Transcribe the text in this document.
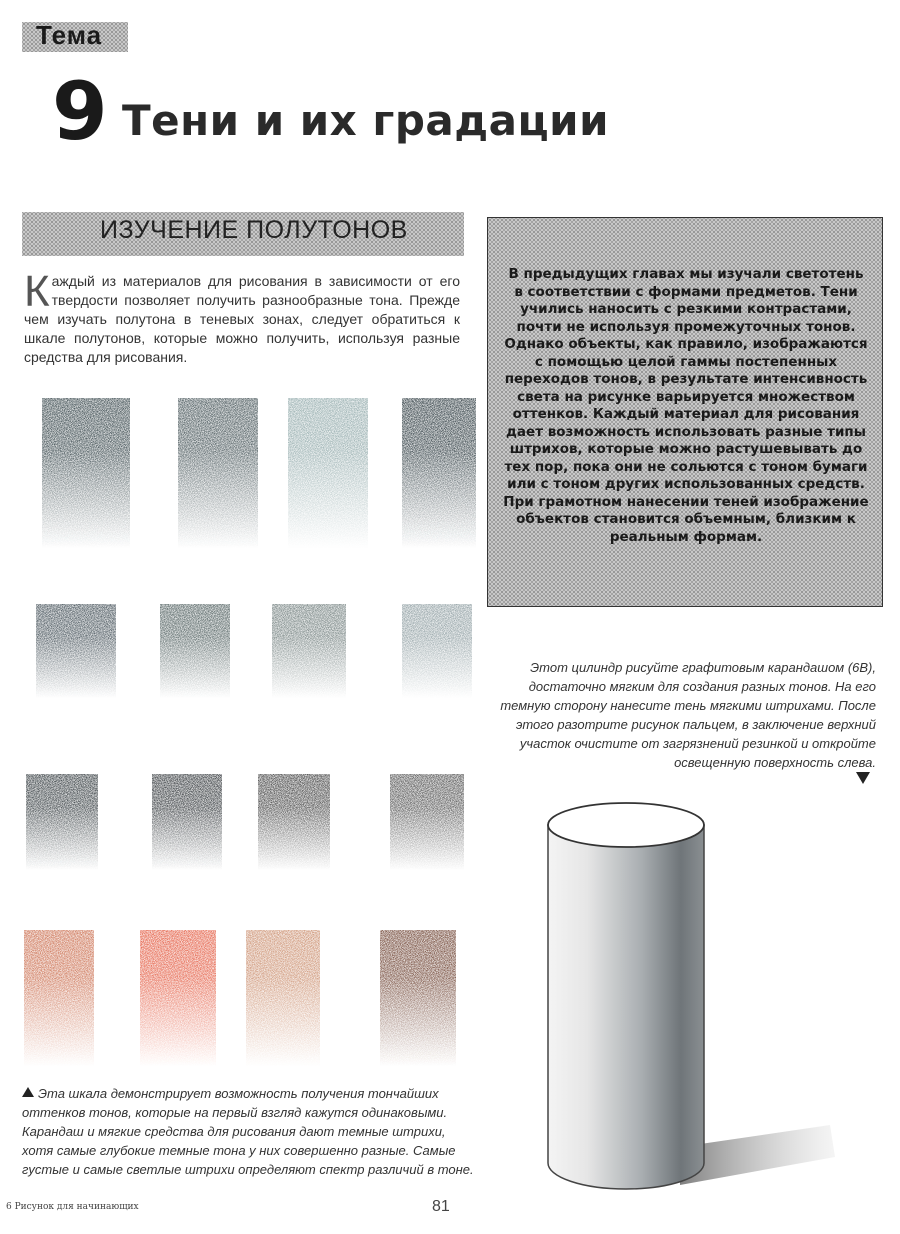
Тема
9 Тени и их градации
ИЗУЧЕНИЕ ПОЛУТОНОВ
Каждый из материалов для рисования в зависимости от его твердости позволяет получить разнообразные тона. Прежде чем изучать полутона в теневых зонах, следует обратиться к шкале полутонов, которые можно получить, используя разные средства для рисования.
В предыдущих главах мы изучали светотень в соответствии с формами предметов. Тени учились наносить с резкими контрастами, почти не используя промежуточных тонов. Однако объекты, как правило, изображаются с помощью целой гаммы постепенных переходов тонов, в результате интенсивность света на рисунке варьируется множеством оттенков. Каждый материал для рисования дает возможность использовать разные типы штрихов, которые можно растушевывать до тех пор, пока они не сольются с тоном бумаги или с тоном других использованных средств. При грамотном нанесении теней изображение объектов становится объемным, близким к реальным формам.
Этот цилиндр рисуйте графитовым карандашом (6B), достаточно мягким для создания разных тонов. На его темную сторону нанесите тень мягкими штрихами. После этого разотрите рисунок пальцем, в заключение верхний участок очистите от загрязнений резинкой и откройте освещенную поверхность слева.
Эта шкала демонстрирует возможность получения тончайших оттенков тонов, которые на первый взгляд кажутся одинаковыми. Карандаш и мягкие средства для рисования дают темные штрихи, хотя самые глубокие темные тона у них совершенно разные. Самые густые и самые светлые штрихи определяют спектр различий в тоне.
6 Рисунок для начинающих	81
